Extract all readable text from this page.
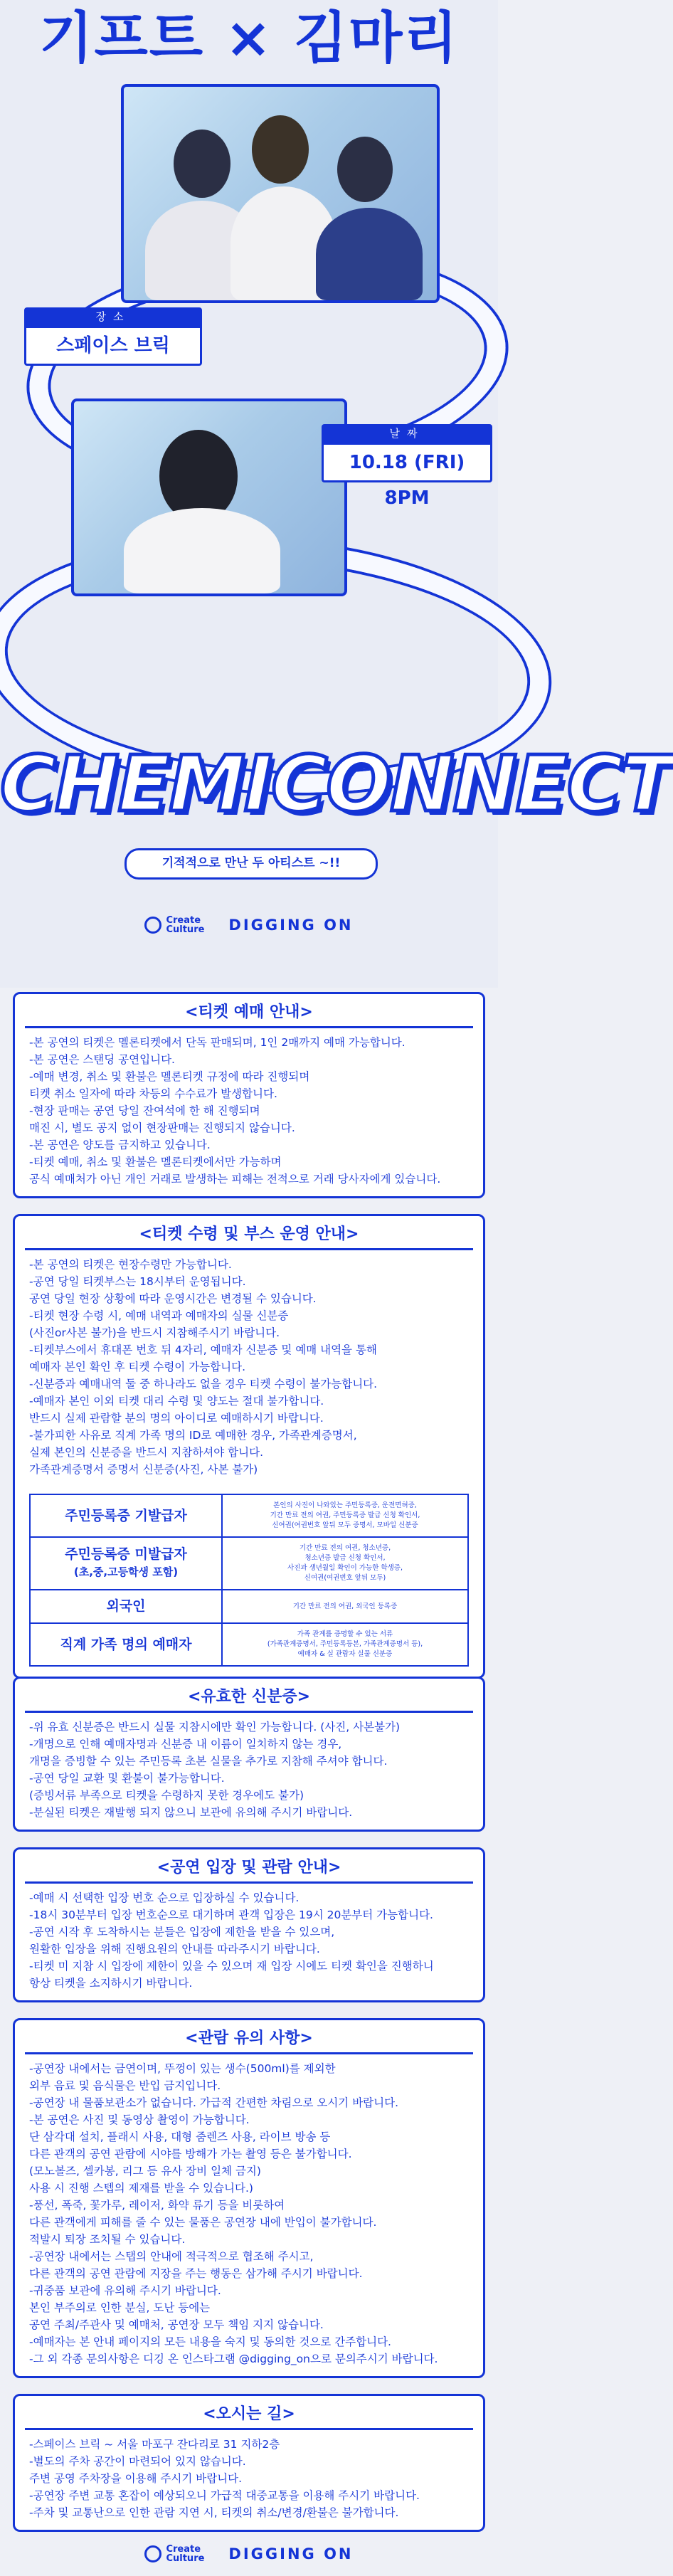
기프트 × 김마리
장소
스페이스 브릭
날짜
10.18 (FRI) 8PM
CHEMICONNECT
기적적으로 만난 두 아티스트 ~!!
Create
Culture DIGGING ON
<티켓 예매 안내>
-본 공연의 티켓은 멜론티켓에서 단독 판매되며, 1인 2매까지 예매 가능합니다.
-본 공연은 스탠딩 공연입니다.
-예매 변경, 취소 및 환불은 멜론티켓 규정에 따라 진행되며
티켓 취소 일자에 따라 차등의 수수료가 발생합니다.
-현장 판매는 공연 당일 잔여석에 한 해 진행되며
매진 시, 별도 공지 없이 현장판매는 진행되지 않습니다.
-본 공연은 양도를 금지하고 있습니다.
-티켓 예매, 취소 및 환불은 멜론티켓에서만 가능하며
공식 예매처가 아닌 개인 거래로 발생하는 피해는 전적으로 거래 당사자에게 있습니다.
<티켓 수령 및 부스 운영 안내>
-본 공연의 티켓은 현장수령만 가능합니다.
-공연 당일 티켓부스는 18시부터 운영됩니다.
공연 당일 현장 상황에 따라 운영시간은 변경될 수 있습니다.
-티켓 현장 수령 시, 예매 내역과 예매자의 실물 신분증
(사진or사본 불가)을 반드시 지참해주시기 바랍니다.
-티켓부스에서 휴대폰 번호 뒤 4자리, 예매자 신분증 및 예매 내역을 통해
예매자 본인 확인 후 티켓 수령이 가능합니다.
-신분증과 예매내역 둘 중 하나라도 없을 경우 티켓 수령이 불가능합니다.
-예매자 본인 이외 티켓 대리 수령 및 양도는 절대 불가합니다.
반드시 실제 관람할 분의 명의 아이디로 예매하시기 바랍니다.
-불가피한 사유로 직계 가족 명의 ID로 예매한 경우, 가족관계증명서,
실제 본인의 신분증을 반드시 지참하셔야 합니다.
가족관계증명서 증명서 신분증(사진, 사본 불가)
주민등록증 기발급자	본인의 사진이 나와있는 주민등록증, 운전면허증,
기간 만료 전의 여권, 주민등록증 발급 신청 확인서,
신여권(여권번호 앞뒤 모두 증명서, 모바일 신분증
주민등록증 미발급자
(초,중,고등학생 포함)	기간 만료 전의 여권, 청소년증,
청소년증 발급 신청 확인서,
사진과 생년월일 확인이 가능한 학생증,
신여권(여권번호 앞뒤 모두)
외국인	기간 만료 전의 여권, 외국인 등록증
직계 가족 명의 예매자	가족 관계를 증명할 수 있는 서류
(가족관계증명서, 주민등록등본, 가족관계증명서 등),
예매자 & 실 관람자 실물 신분증
<유효한 신분증>
-위 유효 신분증은 반드시 실물 지참시에만 확인 가능합니다. (사진, 사본불가)
-개명으로 인해 예매자명과 신분증 내 이름이 일치하지 않는 경우,
개명을 증빙할 수 있는 주민등록 초본 실물을 추가로 지참해 주셔야 합니다.
-공연 당일 교환 및 환불이 불가능합니다.
(증빙서류 부족으로 티켓을 수령하지 못한 경우에도 불가)
-분실된 티켓은 재발행 되지 않으니 보관에 유의해 주시기 바랍니다.
<공연 입장 및 관람 안내>
-예매 시 선택한 입장 번호 순으로 입장하실 수 있습니다.
-18시 30분부터 입장 번호순으로 대기하며 관객 입장은 19시 20분부터 가능합니다.
-공연 시작 후 도착하시는 분들은 입장에 제한을 받을 수 있으며,
원활한 입장을 위해 진행요원의 안내를 따라주시기 바랍니다.
-티켓 미 지참 시 입장에 제한이 있을 수 있으며 재 입장 시에도 티켓 확인을 진행하니
항상 티켓을 소지하시기 바랍니다.
<관람 유의 사항>
-공연장 내에서는 금연이며, 뚜껑이 있는 생수(500ml)를 제외한
외부 음료 및 음식물은 반입 금지입니다.
-공연장 내 물품보관소가 없습니다. 가급적 간편한 차림으로 오시기 바랍니다.
-본 공연은 사진 및 동영상 촬영이 가능합니다.
단 삼각대 설치, 플래시 사용, 대형 줌렌즈 사용, 라이브 방송 등
다른 관객의 공연 관람에 시야를 방해가 가는 촬영 등은 불가합니다.
(모노볼즈, 셀카봉, 리그 등 유사 장비 일체 금지)
사용 시 진행 스텝의 제재를 받을 수 있습니다.)
-풍선, 폭죽, 꽃가루, 레이저, 화약 류기 등을 비롯하여
다른 관객에게 피해를 줄 수 있는 물품은 공연장 내에 반입이 불가합니다.
적발시 퇴장 조치될 수 있습니다.
-공연장 내에서는 스탭의 안내에 적극적으로 협조해 주시고,
다른 관객의 공연 관람에 지장을 주는 행동은 삼가해 주시기 바랍니다.
-귀중품 보관에 유의해 주시기 바랍니다.
본인 부주의로 인한 분실, 도난 등에는
공연 주최/주관사 및 예매처, 공연장 모두 책임 지지 않습니다.
-예매자는 본 안내 페이지의 모든 내용을 숙지 및 동의한 것으로 간주합니다.
-그 외 각종 문의사항은 디깅 온 인스타그램 @digging_on으로 문의주시기 바랍니다.
<오시는 길>
-스페이스 브릭 ~ 서울 마포구 잔다리로 31 지하2층
-별도의 주차 공간이 마련되어 있지 않습니다.
주변 공영 주차장을 이용해 주시기 바랍니다.
-공연장 주변 교통 혼잡이 예상되오니 가급적 대중교통을 이용해 주시기 바랍니다.
-주차 및 교통난으로 인한 관람 지연 시, 티켓의 취소/변경/환불은 불가합니다.
Create
Culture DIGGING ON
